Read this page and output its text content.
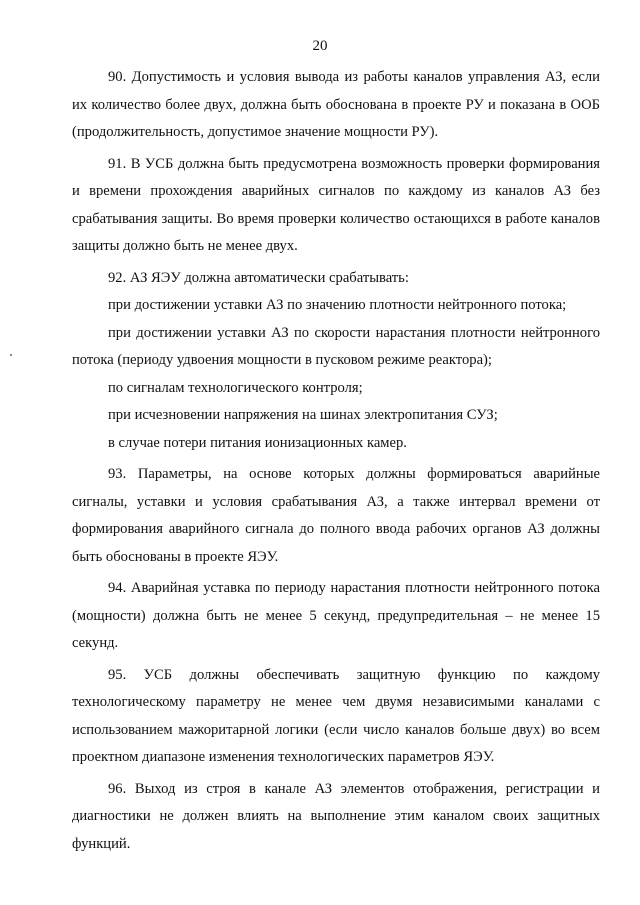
20

90. Допустимость и условия вывода из работы каналов управления АЗ, если их количество более двух, должна быть обоснована в проекте РУ и показана в ООБ (продолжительность, допустимое значение мощности РУ).

91. В УСБ должна быть предусмотрена возможность проверки формирования и времени прохождения аварийных сигналов по каждому из каналов АЗ без срабатывания защиты. Во время проверки количество остающихся в работе каналов защиты должно быть не менее двух.

92. АЗ ЯЭУ должна автоматически срабатывать:

при достижении уставки АЗ по значению плотности нейтронного потока;

при достижении уставки АЗ по скорости нарастания плотности нейтронного потока (периоду удвоения мощности в пусковом режиме реактора);

по сигналам технологического контроля;

при исчезновении напряжения на шинах электропитания СУЗ;

в случае потери питания ионизационных камер.

93. Параметры, на основе которых должны формироваться аварийные сигналы, уставки и условия срабатывания АЗ, а также интервал времени от формирования аварийного сигнала до полного ввода рабочих органов АЗ должны быть обоснованы в проекте ЯЭУ.

94. Аварийная уставка по периоду нарастания плотности нейтронного потока (мощности) должна быть не менее 5 секунд, предупредительная – не менее 15 секунд.

95. УСБ должны обеспечивать защитную функцию по каждому технологическому параметру не менее чем двумя независимыми каналами с использованием мажоритарной логики (если число каналов больше двух) во всем проектном диапазоне изменения технологических параметров ЯЭУ.

96. Выход из строя в канале АЗ элементов отображения, регистрации и диагностики не должен влиять на выполнение этим каналом своих защитных функций.
